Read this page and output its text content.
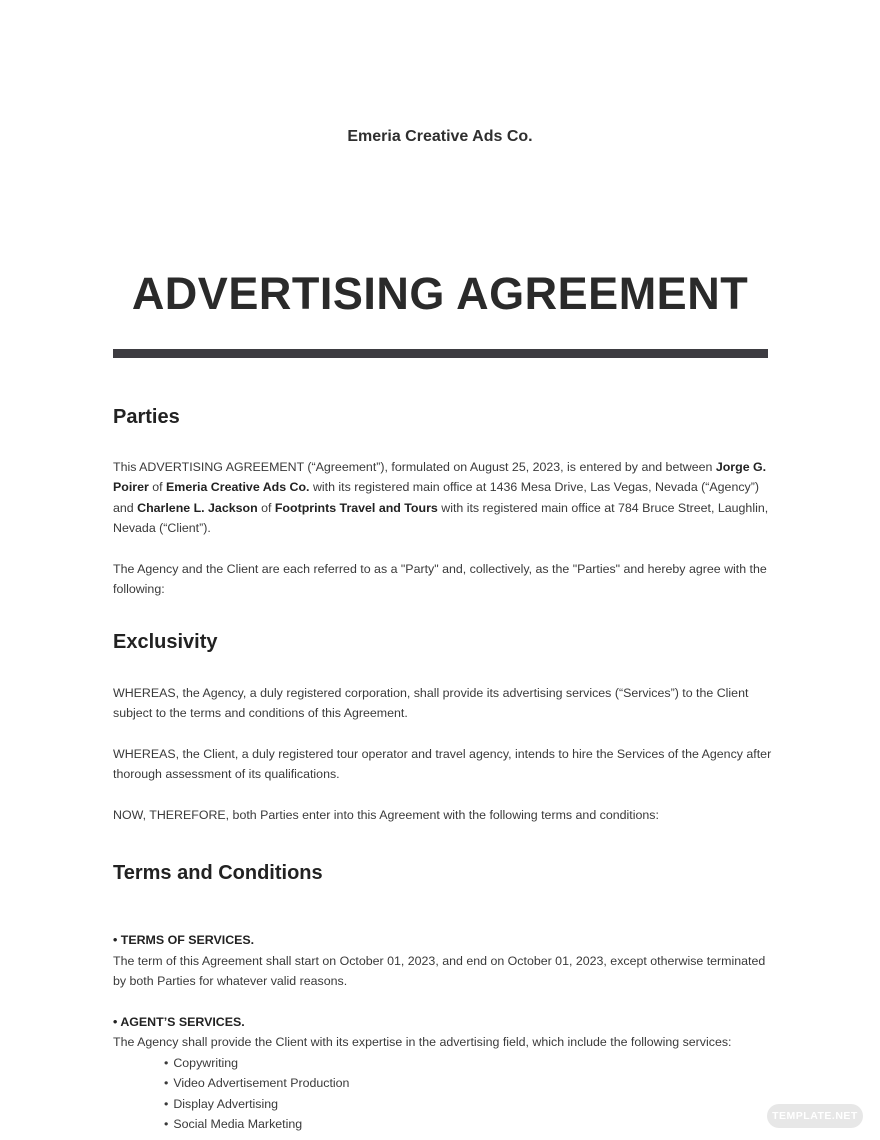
Emeria Creative Ads Co.
ADVERTISING AGREEMENT
Parties
This ADVERTISING AGREEMENT (“Agreement”), formulated on August 25, 2023, is entered by and between Jorge G. Poirer of Emeria Creative Ads Co. with its registered main office at 1436 Mesa Drive, Las Vegas, Nevada (“Agency”) and Charlene L. Jackson of Footprints Travel and Tours with its registered main office at 784 Bruce Street, Laughlin, Nevada (“Client”).
The Agency and the Client are each referred to as a "Party" and, collectively, as the "Parties" and hereby agree with the following:
Exclusivity
WHEREAS, the Agency, a duly registered corporation, shall provide its advertising services (“Services”) to the Client subject to the terms and conditions of this Agreement.
WHEREAS, the Client, a duly registered tour operator and travel agency, intends to hire the Services of the Agency after thorough assessment of its qualifications.
NOW, THEREFORE, both Parties enter into this Agreement with the following terms and conditions:
Terms and Conditions
• TERMS OF SERVICES.
The term of this Agreement shall start on October 01, 2023, and end on October 01, 2023, except otherwise terminated by both Parties for whatever valid reasons.
• AGENT’S SERVICES.
The Agency shall provide the Client with its expertise in the advertising field, which include the following services:
• Copywriting
• Video Advertisement Production
• Display Advertising
• Social Media Marketing
TEMPLATE.NET
